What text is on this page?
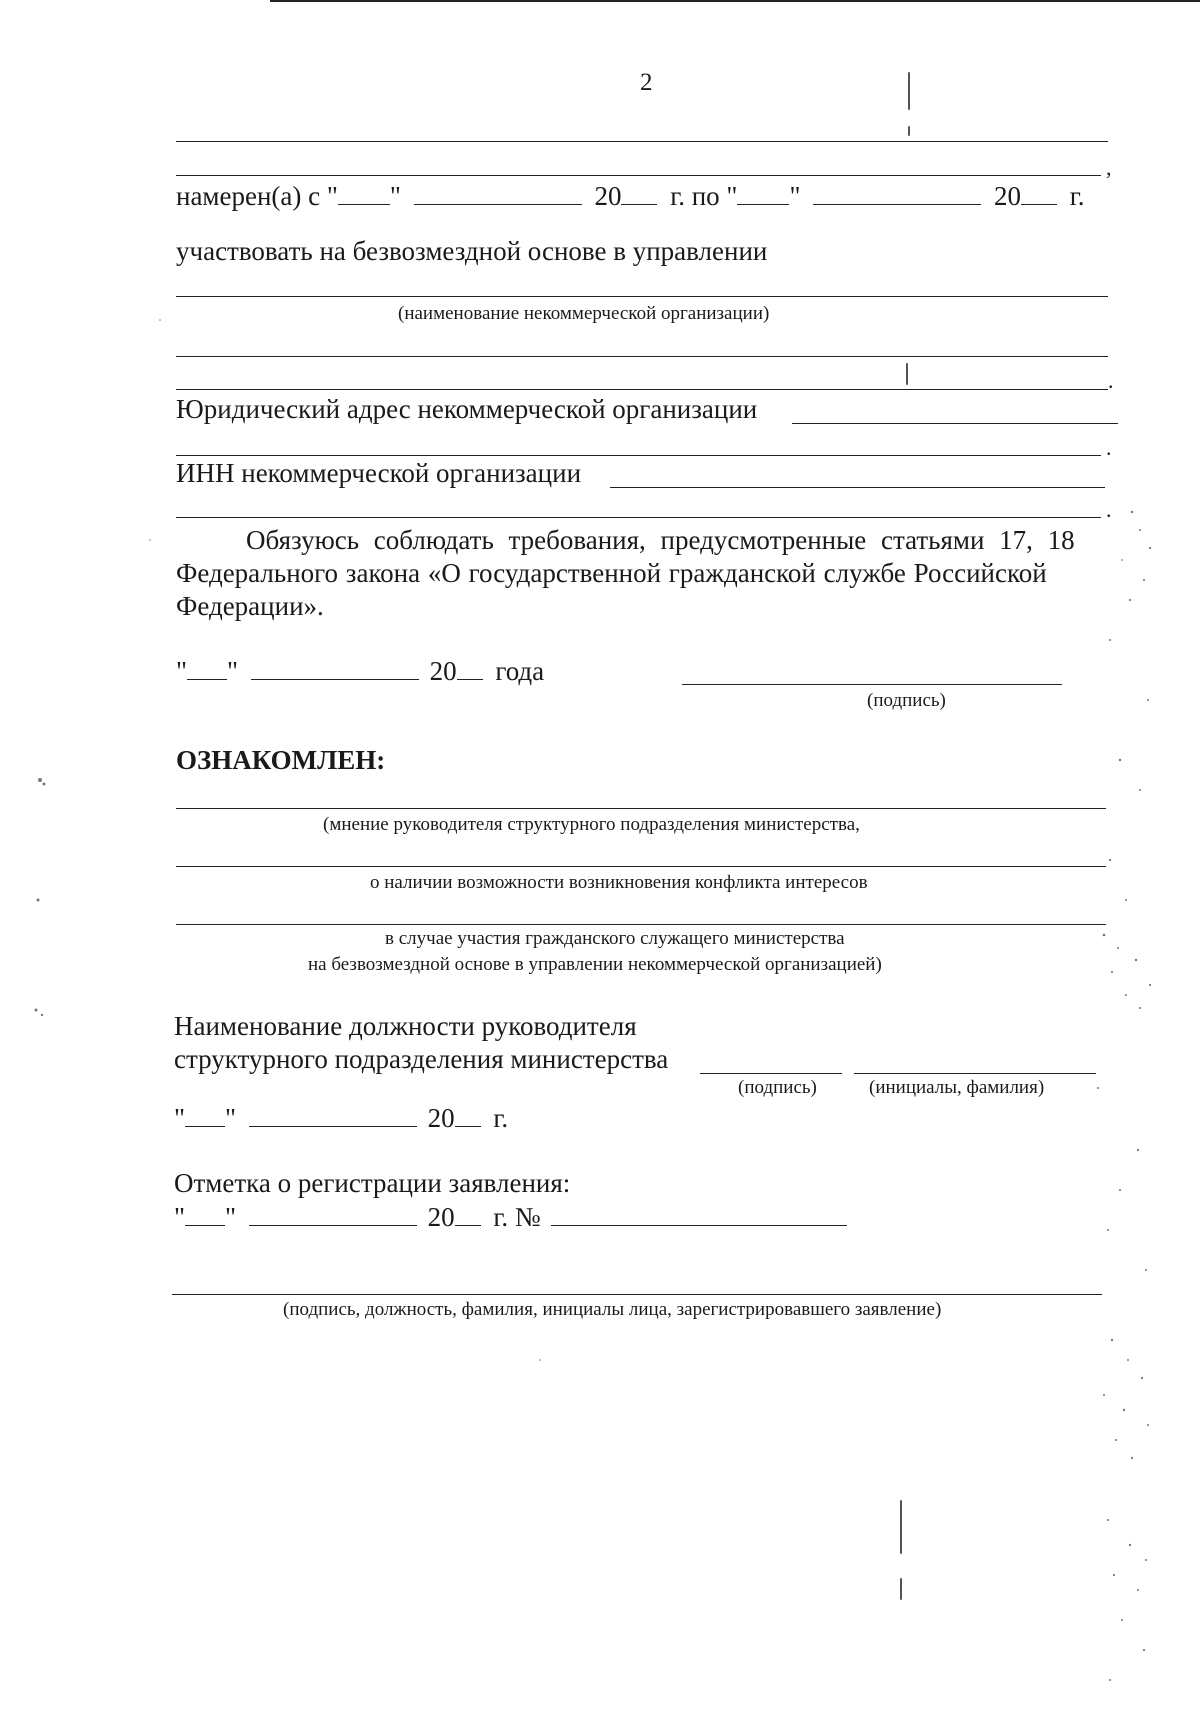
2
,
намерен(а) с " "	20 г. по " "	20 г.
участвовать на безвозмездной основе в управлении
(наименование некоммерческой организации)
.
Юридический адрес некоммерческой организации
.
ИНН некоммерческой организации
.
Обязуюсь соблюдать требования, предусмотренные статьями 17, 18
Федерального закона «О государственной гражданской службе Российской
Федерации».
" "	20 года
(подпись)
ОЗНАКОМЛЕН:
(мнение руководителя структурного подразделения министерства,
о наличии возможности возникновения конфликта интересов
в случае участия гражданского служащего министерства
на безвозмездной основе в управлении некоммерческой организацией)
Наименование должности руководителя
структурного подразделения министерства
(подпись)	(инициалы, фамилия)
" "	20 г.
Отметка о регистрации заявления:
" "	20 г. №
(подпись, должность, фамилия, инициалы лица, зарегистрировавшего заявление)
